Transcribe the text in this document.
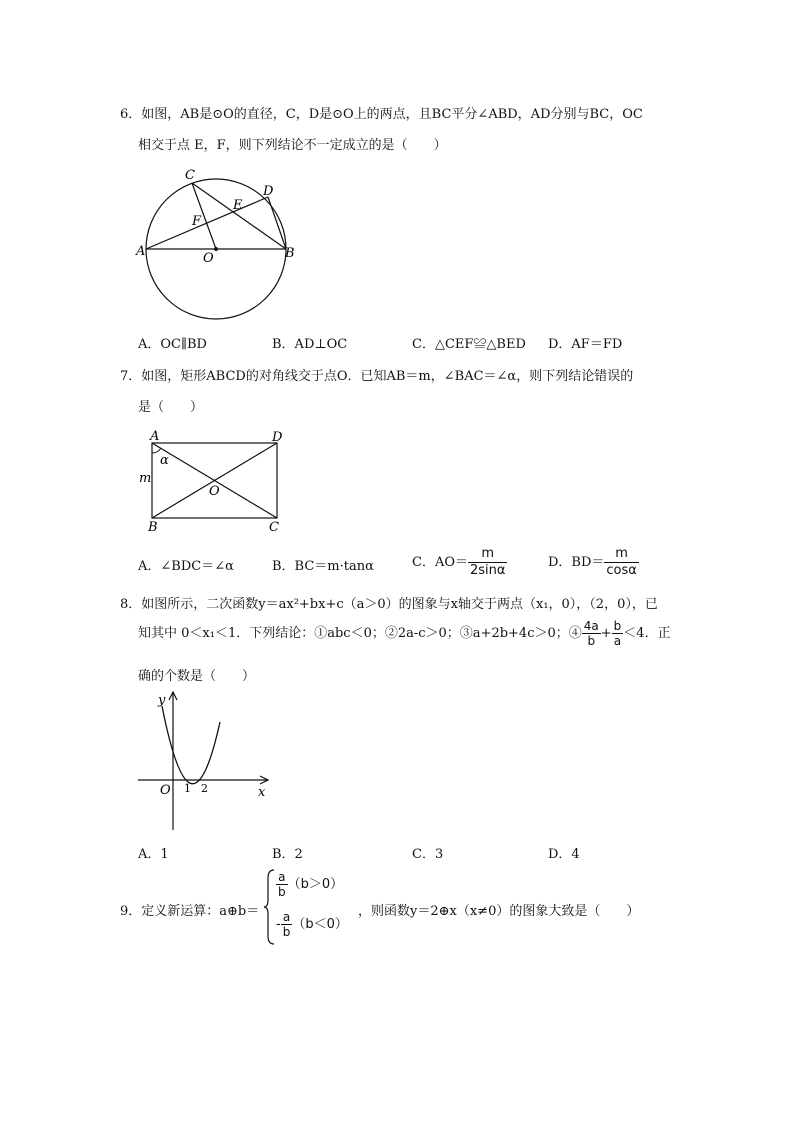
6．如图，AB是⊙O的直径，C，D是⊙O上的两点，且BC平分∠ABD，AD分别与BC，OC
相交于点 E，F，则下列结论不一定成立的是（　　）
C
D
E
F
A	B
O
A．OC∥BD	B．AD⊥OC	C．△CEF≌△BED D．AF＝FD
7．如图，矩形ABCD的对角线交于点O．已知AB＝m，∠BAC＝∠α，则下列结论错误的
是（　　）
A	D
α
m
O
B	C
A．∠BDC＝∠α	B．BC＝m·tanα	C．$AO= \frac{m}{2\sin\alpha}$	D．$BD= \frac{m}{\cos\alpha}$
8．如图所示，二次函数y＝ax²+bx+c（a＞0）的图象与x轴交于两点（x₁，0），（2，0），已
知其中 0＜x₁＜1．下列结论：①abc＜0；②2a-c＞0；③a+2b+4c＞0；④ $\frac{4a}{b} + \frac{b}{a} <4$．正
确的个数是（　　）
y
x
O 1 2
A．1	B．2	C．3	D．4
9．定义新运算：a⊕b＝
$\frac{a}{b} (b>0)$
- $\frac{a}{b} (b<0)$
，则函数y＝2⊕x（x≠0）的图象大致是（　　）
